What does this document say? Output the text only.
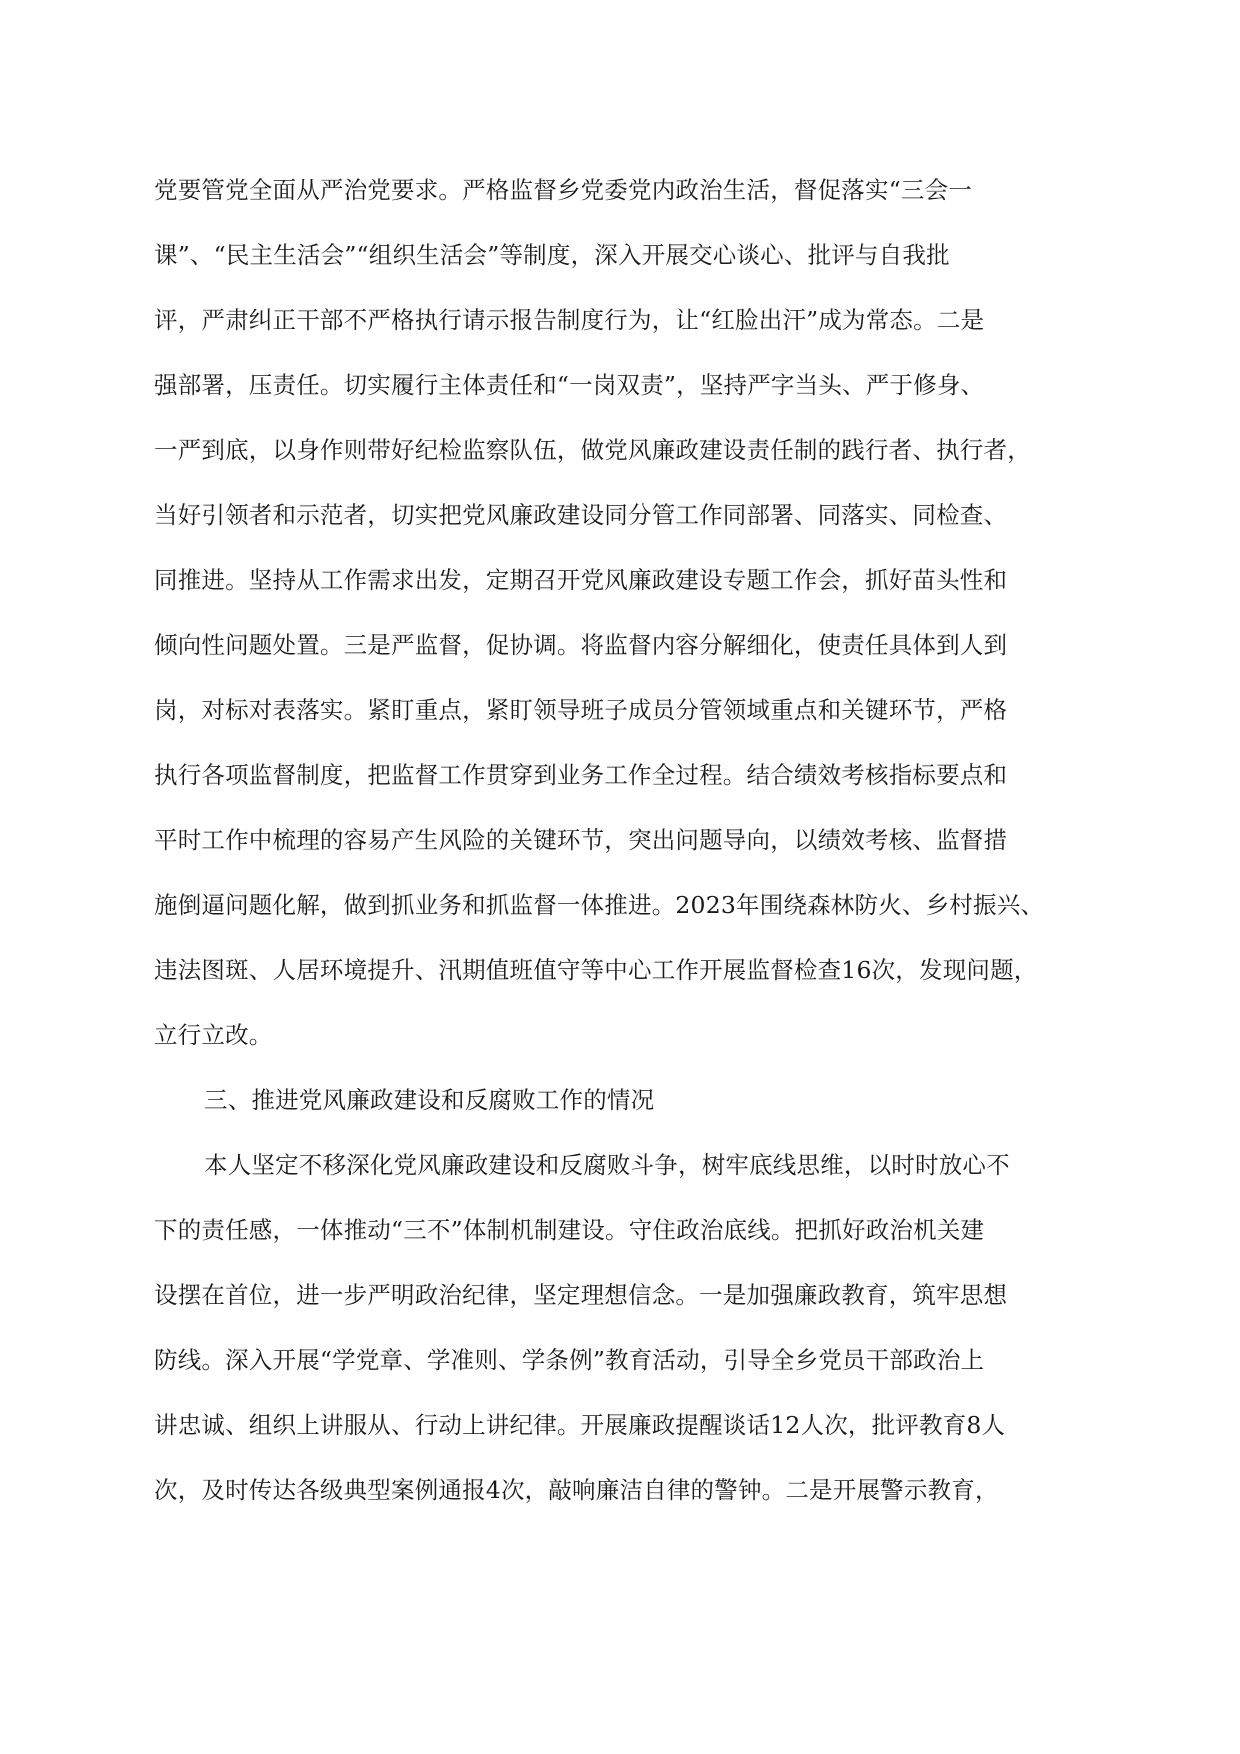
党要管党全面从严治党要求。严格监督乡党委党内政治生活，督促落实“三会一
课”、“民主生活会”“组织生活会”等制度，深入开展交心谈心、批评与自我批
评，严肃纠正干部不严格执行请示报告制度行为，让“红脸出汗”成为常态。二是
强部署，压责任。切实履行主体责任和“一岗双责”，坚持严字当头、严于修身、
一严到底，以身作则带好纪检监察队伍，做党风廉政建设责任制的践行者、执行者，
当好引领者和示范者，切实把党风廉政建设同分管工作同部署、同落实、同检查、
同推进。坚持从工作需求出发，定期召开党风廉政建设专题工作会，抓好苗头性和
倾向性问题处置。三是严监督，促协调。将监督内容分解细化，使责任具体到人到
岗，对标对表落实。紧盯重点，紧盯领导班子成员分管领域重点和关键环节，严格
执行各项监督制度，把监督工作贯穿到业务工作全过程。结合绩效考核指标要点和
平时工作中梳理的容易产生风险的关键环节，突出问题导向，以绩效考核、监督措
施倒逼问题化解，做到抓业务和抓监督一体推进。2023年围绕森林防火、乡村振兴、
违法图斑、人居环境提升、汛期值班值守等中心工作开展监督检查16次，发现问题，
立行立改。
三、推进党风廉政建设和反腐败工作的情况
本人坚定不移深化党风廉政建设和反腐败斗争，树牢底线思维，以时时放心不
下的责任感，一体推动“三不”体制机制建设。守住政治底线。把抓好政治机关建
设摆在首位，进一步严明政治纪律，坚定理想信念。一是加强廉政教育，筑牢思想
防线。深入开展“学党章、学准则、学条例”教育活动，引导全乡党员干部政治上
讲忠诚、组织上讲服从、行动上讲纪律。开展廉政提醒谈话12人次，批评教育8人
次，及时传达各级典型案例通报4次，敲响廉洁自律的警钟。二是开展警示教育，
